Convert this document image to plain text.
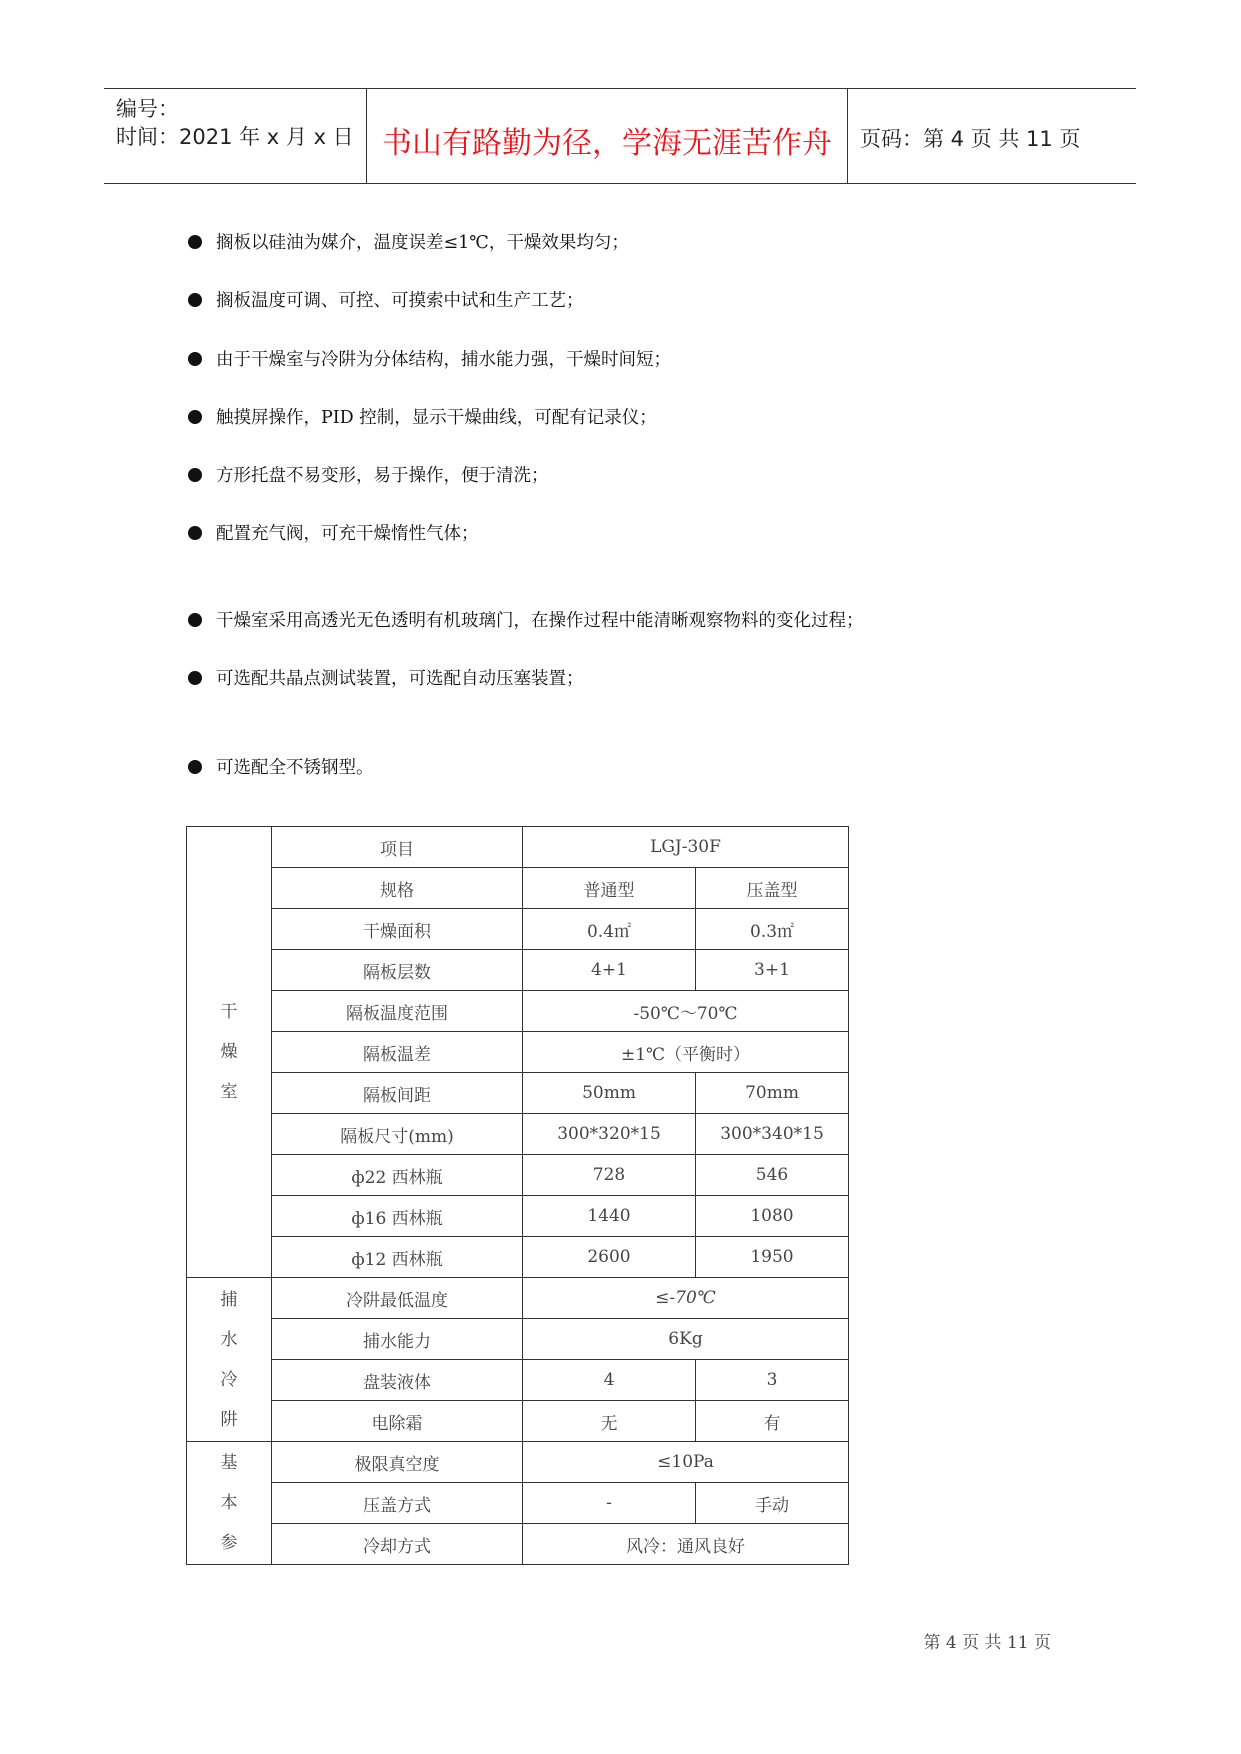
编号：
时间：2021 年 x 月 x 日 书山有路勤为径，学海无涯苦作舟	页码：第 4 页 共 11 页
搁板以硅油为媒介，温度误差≤1℃，干燥效果均匀；
搁板温度可调、可控、可摸索中试和生产工艺；
由于干燥室与冷阱为分体结构，捕水能力强，干燥时间短；
触摸屏操作，PID 控制，显示干燥曲线，可配有记录仪；
方形托盘不易变形，易于操作，便于清洗；
配置充气阀，可充干燥惰性气体；
干燥室采用高透光无色透明有机玻璃门，在操作过程中能清晰观察物料的变化过程；
可选配共晶点测试装置，可选配自动压塞装置；
可选配全不锈钢型。
干
燥
室	项目	LGJ-30F	
	规格	普通型	压盖型
	干燥面积	0.4㎡	0.3㎡
	隔板层数	4+1	3+1
	隔板温度范围	-50℃～70℃	
	隔板温差	±1℃（平衡时）	
	隔板间距	50mm	70mm
	隔板尺寸(mm)	300*320*15	300*340*15
	ф22 西林瓶	728	546
	ф16 西林瓶	1440	1080
	ф12 西林瓶	2600	1950

捕
水
冷
阱	冷阱最低温度	≤-70℃	
	捕水能力	6Kg	
	盘装液体	4	3
	电除霜	无	有

基
本
参	极限真空度	≤10Pa	
	压盖方式	-	手动
	冷却方式	风冷：通风良好	
第 4 页 共 11 页
